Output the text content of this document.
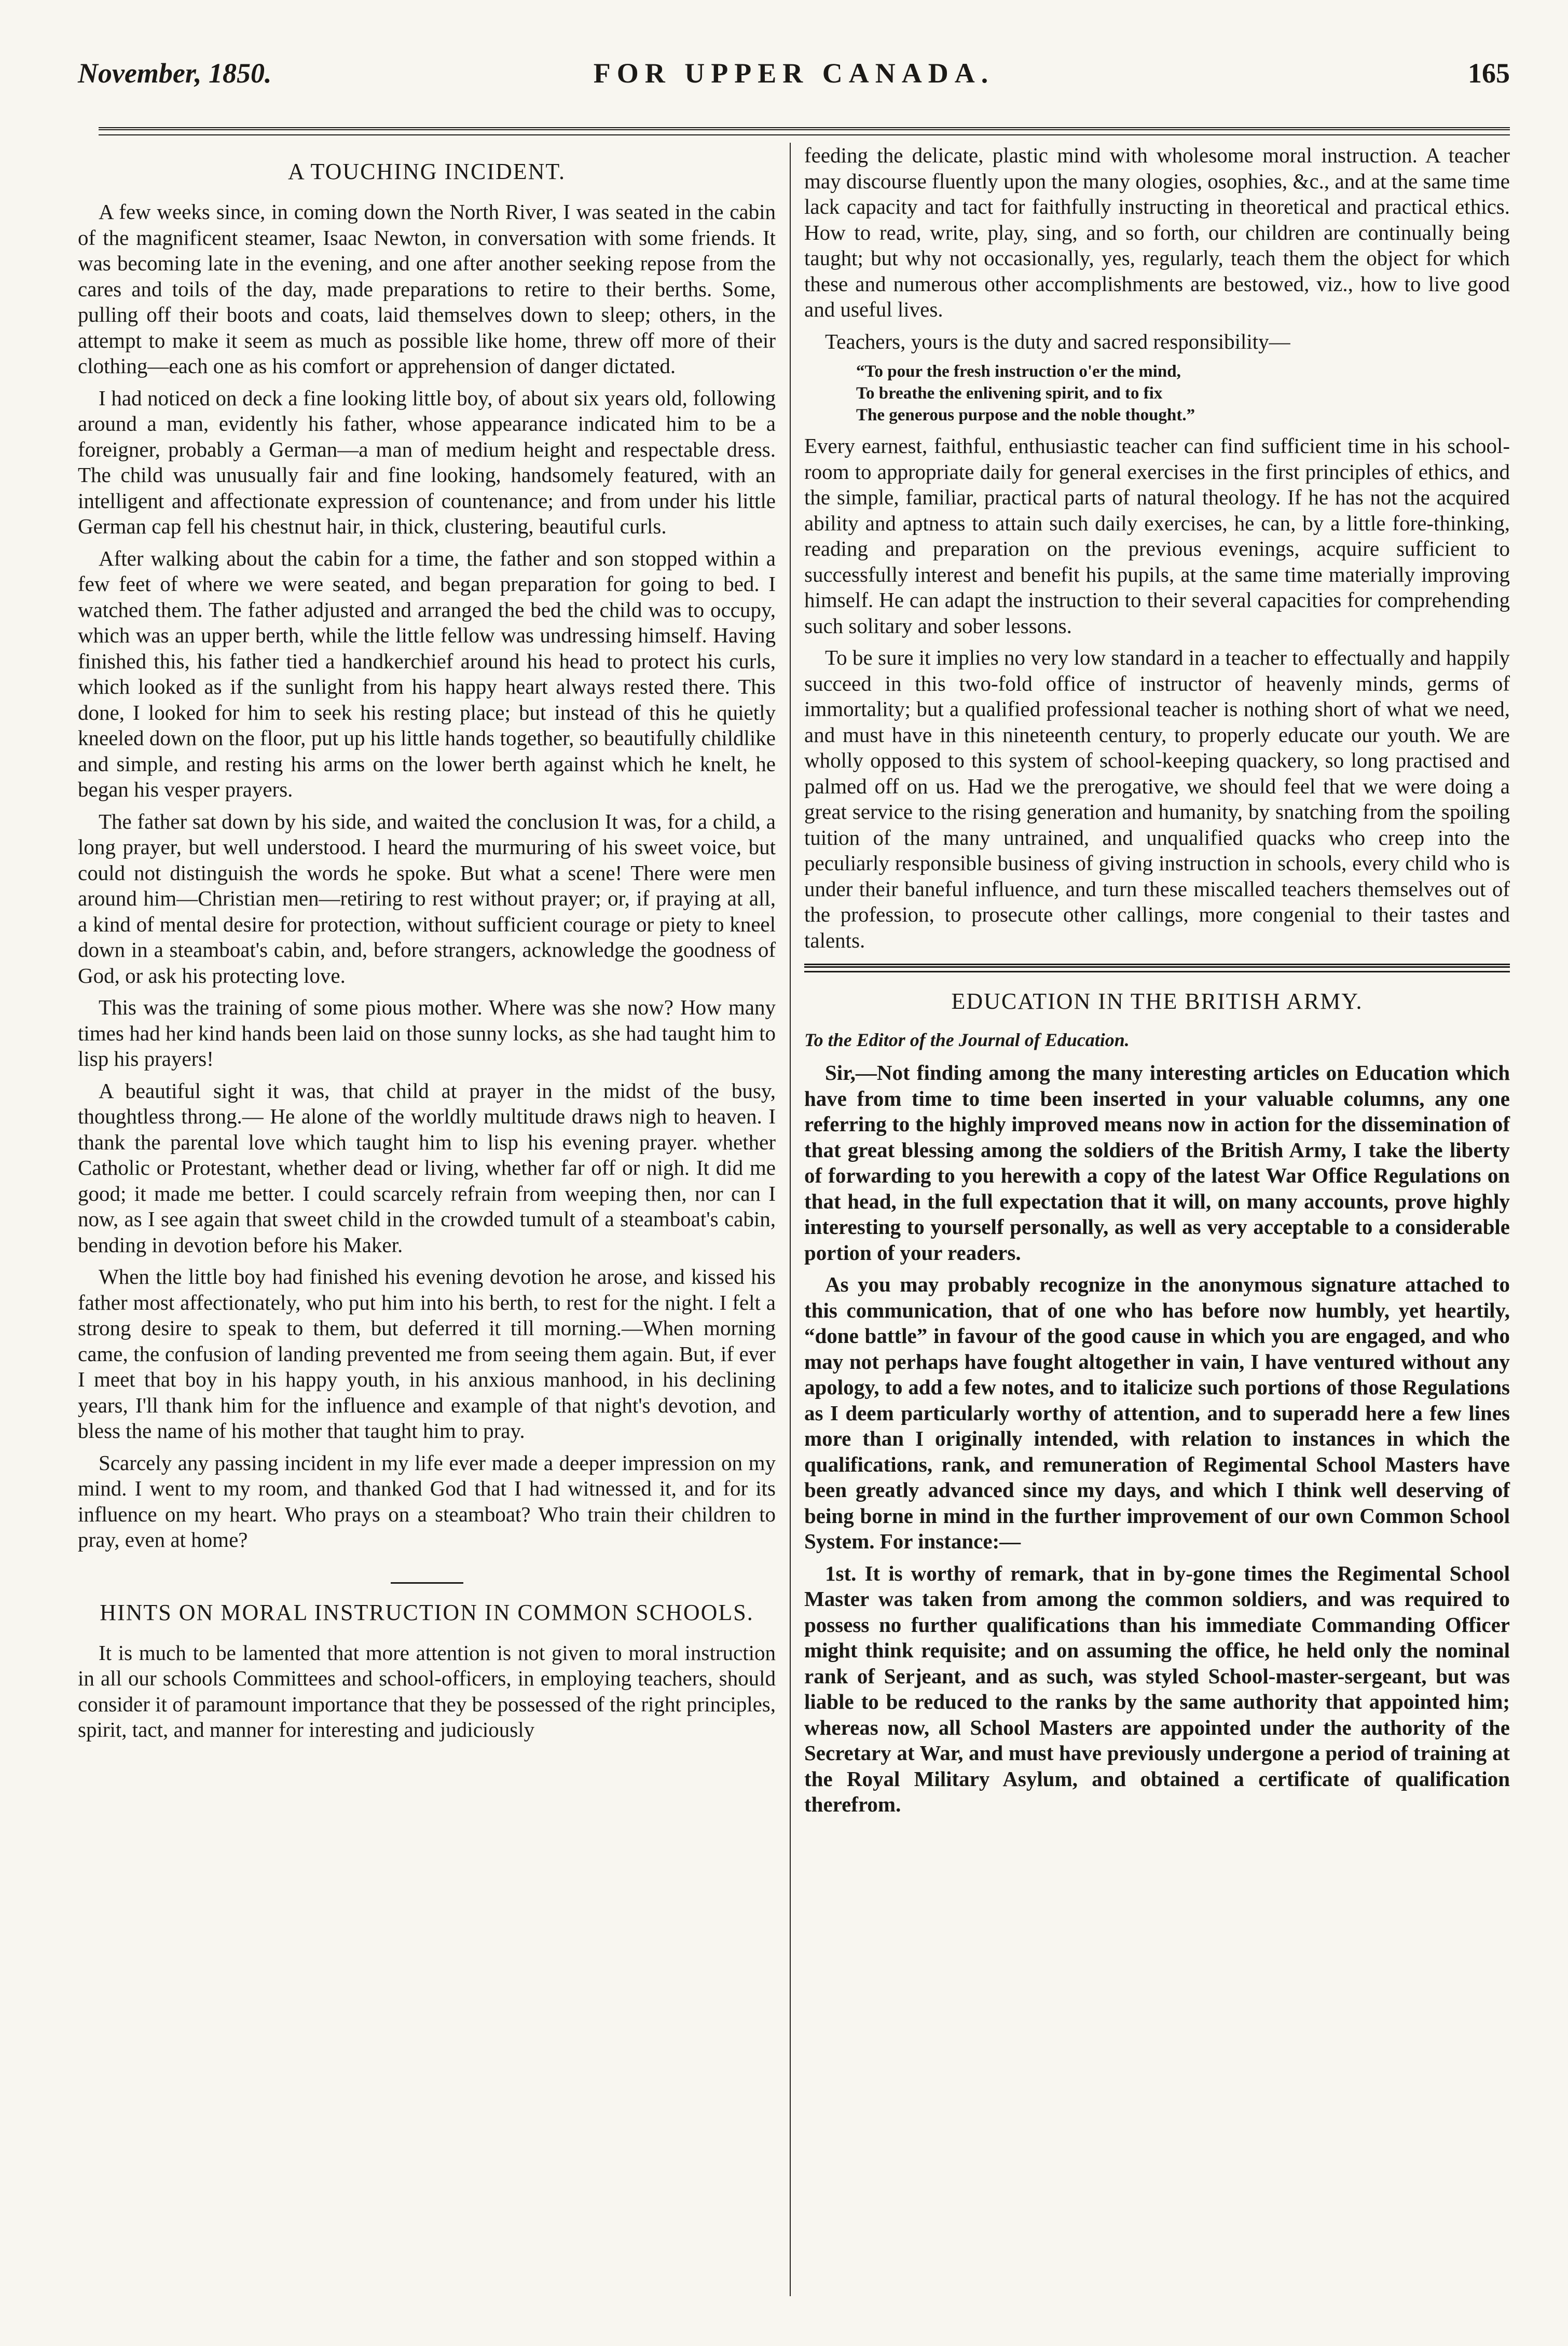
November, 1850.	FOR UPPER CANADA.	165
A TOUCHING INCIDENT.

A few weeks since, in coming down the North River, I was seated in the cabin of the magnificent steamer, Isaac Newton, in conversation with some friends. It was becoming late in the evening, and one after another seeking repose from the cares and toils of the day, made preparations to retire to their berths. Some, pulling off their boots and coats, laid themselves down to sleep; others, in the attempt to make it seem as much as possible like home, threw off more of their clothing—each one as his comfort or apprehension of danger dictated.

I had noticed on deck a fine looking little boy, of about six years old, following around a man, evidently his father, whose appearance indicated him to be a foreigner, probably a German—a man of medium height and respectable dress. The child was unusually fair and fine looking, handsomely featured, with an intelligent and affectionate expression of countenance; and from under his little German cap fell his chestnut hair, in thick, clustering, beautiful curls.

After walking about the cabin for a time, the father and son stopped within a few feet of where we were seated, and began preparation for going to bed. I watched them. The father adjusted and arranged the bed the child was to occupy, which was an upper berth, while the little fellow was undressing himself. Having finished this, his father tied a handkerchief around his head to protect his curls, which looked as if the sunlight from his happy heart always rested there. This done, I looked for him to seek his resting place; but instead of this he quietly kneeled down on the floor, put up his little hands together, so beautifully childlike and simple, and resting his arms on the lower berth against which he knelt, he began his vesper prayers.

The father sat down by his side, and waited the conclusion It was, for a child, a long prayer, but well understood. I heard the murmuring of his sweet voice, but could not distinguish the words he spoke. But what a scene! There were men around him—Christian men—retiring to rest without prayer; or, if praying at all, a kind of mental desire for protection, without sufficient courage or piety to kneel down in a steamboat's cabin, and, before strangers, acknowledge the goodness of God, or ask his protecting love.

This was the training of some pious mother. Where was she now? How many times had her kind hands been laid on those sunny locks, as she had taught him to lisp his prayers!

A beautiful sight it was, that child at prayer in the midst of the busy, thoughtless throng.— He alone of the worldly multitude draws nigh to heaven. I thank the parental love which taught him to lisp his evening prayer. whether Catholic or Protestant, whether dead or living, whether far off or nigh. It did me good; it made me better. I could scarcely refrain from weeping then, nor can I now, as I see again that sweet child in the crowded tumult of a steamboat's cabin, bending in devotion before his Maker.

When the little boy had finished his evening devotion he arose, and kissed his father most affectionately, who put him into his berth, to rest for the night. I felt a strong desire to speak to them, but deferred it till morning.—When morning came, the confusion of landing prevented me from seeing them again. But, if ever I meet that boy in his happy youth, in his anxious manhood, in his declining years, I'll thank him for the influence and example of that night's devotion, and bless the name of his mother that taught him to pray.

Scarcely any passing incident in my life ever made a deeper impression on my mind. I went to my room, and thanked God that I had witnessed it, and for its influence on my heart. Who prays on a steamboat? Who train their children to pray, even at home?

HINTS ON MORAL INSTRUCTION IN COMMON SCHOOLS.

It is much to be lamented that more attention is not given to moral instruction in all our schools Committees and school-officers, in employing teachers, should consider it of paramount importance that they be possessed of the right principles, spirit, tact, and manner for interesting and judiciously

feeding the delicate, plastic mind with wholesome moral instruction. A teacher may discourse fluently upon the many ologies, osophies, &c., and at the same time lack capacity and tact for faithfully instructing in theoretical and practical ethics. How to read, write, play, sing, and so forth, our children are continually being taught; but why not occasionally, yes, regularly, teach them the object for which these and numerous other accomplishments are bestowed, viz., how to live good and useful lives.

Teachers, yours is the duty and sacred responsibility—

“To pour the fresh instruction o'er the mind,
To breathe the enlivening spirit, and to fix
The generous purpose and the noble thought.”

Every earnest, faithful, enthusiastic teacher can find sufficient time in his school-room to appropriate daily for general exercises in the first principles of ethics, and the simple, familiar, practical parts of natural theology. If he has not the acquired ability and aptness to attain such daily exercises, he can, by a little fore-thinking, reading and preparation on the previous evenings, acquire sufficient to successfully interest and benefit his pupils, at the same time materially improving himself. He can adapt the instruction to their several capacities for comprehending such solitary and sober lessons.

To be sure it implies no very low standard in a teacher to effectually and happily succeed in this two-fold office of instructor of heavenly minds, germs of immortality; but a qualified professional teacher is nothing short of what we need, and must have in this nineteenth century, to properly educate our youth. We are wholly opposed to this system of school-keeping quackery, so long practised and palmed off on us. Had we the prerogative, we should feel that we were doing a great service to the rising generation and humanity, by snatching from the spoiling tuition of the many untrained, and unqualified quacks who creep into the peculiarly responsible business of giving instruction in schools, every child who is under their baneful influence, and turn these miscalled teachers themselves out of the profession, to prosecute other callings, more congenial to their tastes and talents.

EDUCATION IN THE BRITISH ARMY.
To the Editor of the Journal of Education.

Sir,—Not finding among the many interesting articles on Education which have from time to time been inserted in your valuable columns, any one referring to the highly improved means now in action for the dissemination of that great blessing among the soldiers of the British Army, I take the liberty of forwarding to you herewith a copy of the latest War Office Regulations on that head, in the full expectation that it will, on many accounts, prove highly interesting to yourself personally, as well as very acceptable to a considerable portion of your readers.

As you may probably recognize in the anonymous signature attached to this communication, that of one who has before now humbly, yet heartily, “done battle” in favour of the good cause in which you are engaged, and who may not perhaps have fought altogether in vain, I have ventured without any apology, to add a few notes, and to italicize such portions of those Regulations as I deem particularly worthy of attention, and to superadd here a few lines more than I originally intended, with relation to instances in which the qualifications, rank, and remuneration of Regimental School Masters have been greatly advanced since my days, and which I think well deserving of being borne in mind in the further improvement of our own Common School System. For instance:—

1st. It is worthy of remark, that in by-gone times the Regimental School Master was taken from among the common soldiers, and was required to possess no further qualifications than his immediate Commanding Officer might think requisite; and on assuming the office, he held only the nominal rank of Serjeant, and as such, was styled School-master-sergeant, but was liable to be reduced to the ranks by the same authority that appointed him; whereas now, all School Masters are appointed under the authority of the Secretary at War, and must have previously undergone a period of training at the Royal Military Asylum, and obtained a certificate of qualification therefrom.
